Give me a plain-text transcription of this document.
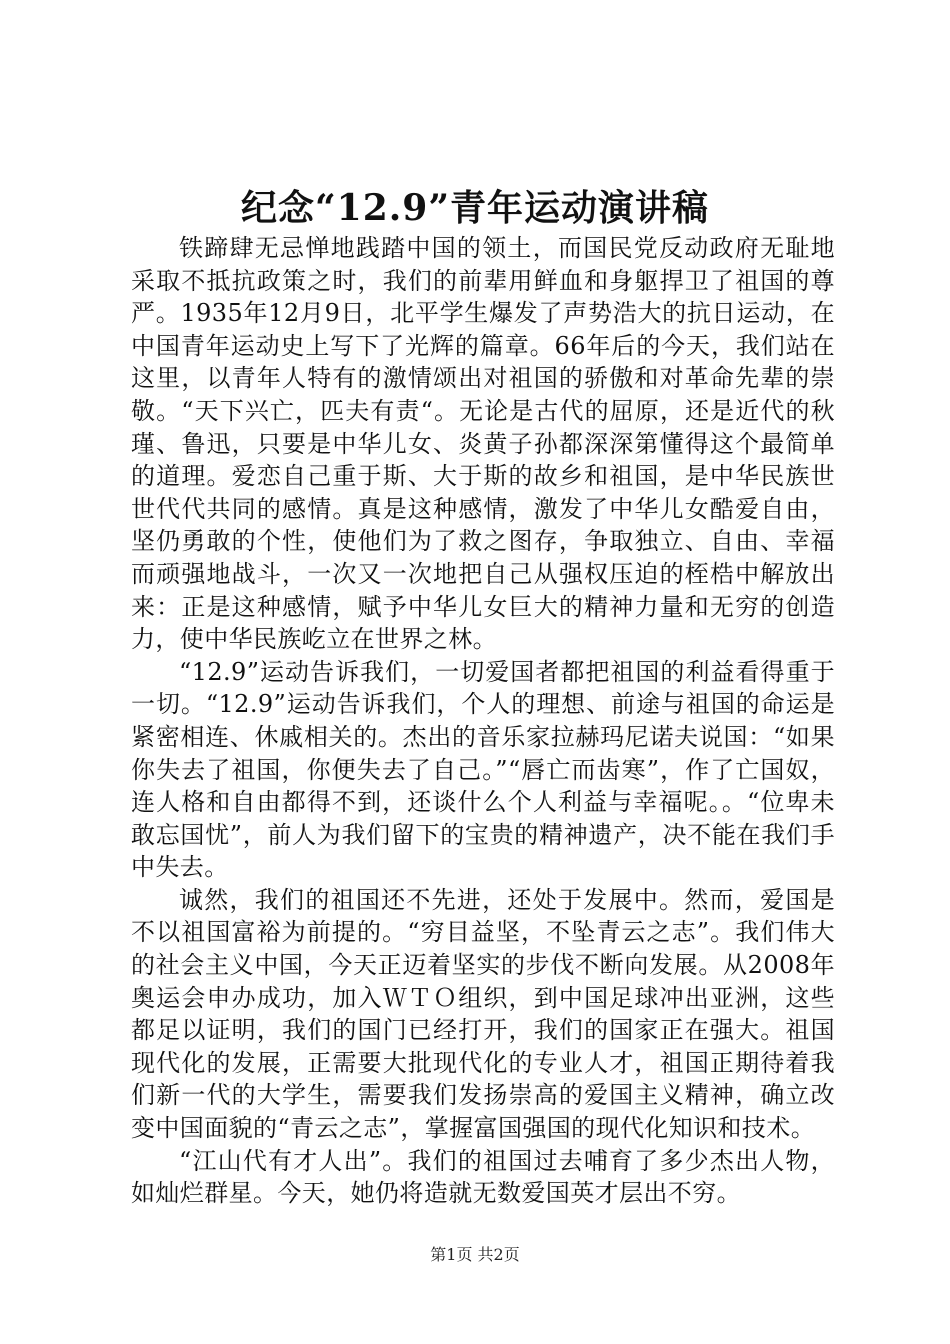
纪念“12.9”青年运动演讲稿

铁蹄肆无忌惮地践踏中国的领土，而国民党反动政府无耻地采取不抵抗政策之时，我们的前辈用鲜血和身躯捍卫了祖国的尊严。1935年12月9日，北平学生爆发了声势浩大的抗日运动，在中国青年运动史上写下了光辉的篇章。66年后的今天，我们站在这里，以青年人特有的激情颂出对祖国的骄傲和对革命先辈的崇敬。“天下兴亡，匹夫有责“。无论是古代的屈原，还是近代的秋瑾、鲁迅，只要是中华儿女、炎黄子孙都深深第懂得这个最简单的道理。爱恋自己重于斯、大于斯的故乡和祖国，是中华民族世世代代共同的感情。真是这种感情，激发了中华儿女酷爱自由，坚仍勇敢的个性，使他们为了救之图存，争取独立、自由、幸福而顽强地战斗，一次又一次地把自己从强权压迫的桎梏中解放出来：正是这种感情，赋予中华儿女巨大的精神力量和无穷的创造力，使中华民族屹立在世界之林。

“12.9”运动告诉我们，一切爱国者都把祖国的利益看得重于一切。“12.9”运动告诉我们，个人的理想、前途与祖国的命运是紧密相连、休戚相关的。杰出的音乐家拉赫玛尼诺夫说国：“如果你失去了祖国，你便失去了自己。”“唇亡而齿寒”，作了亡国奴，连人格和自由都得不到，还谈什么个人利益与幸福呢。。“位卑未敢忘国忧”，前人为我们留下的宝贵的精神遗产，决不能在我们手中失去。

诚然，我们的祖国还不先进，还处于发展中。然而，爱国是不以祖国富裕为前提的。“穷目益坚，不坠青云之志”。我们伟大的社会主义中国，今天正迈着坚实的步伐不断向发展。从2008年奥运会申办成功，加入ＷＴＯ组织，到中国足球冲出亚洲，这些都足以证明，我们的国门已经打开，我们的国家正在强大。祖国现代化的发展，正需要大批现代化的专业人才，祖国正期待着我们新一代的大学生，需要我们发扬崇高的爱国主义精神，确立改变中国面貌的“青云之志”，掌握富国强国的现代化知识和技术。

“江山代有才人出”。我们的祖国过去哺育了多少杰出人物，如灿烂群星。今天，她仍将造就无数爱国英才层出不穷。

第1页 共2页
